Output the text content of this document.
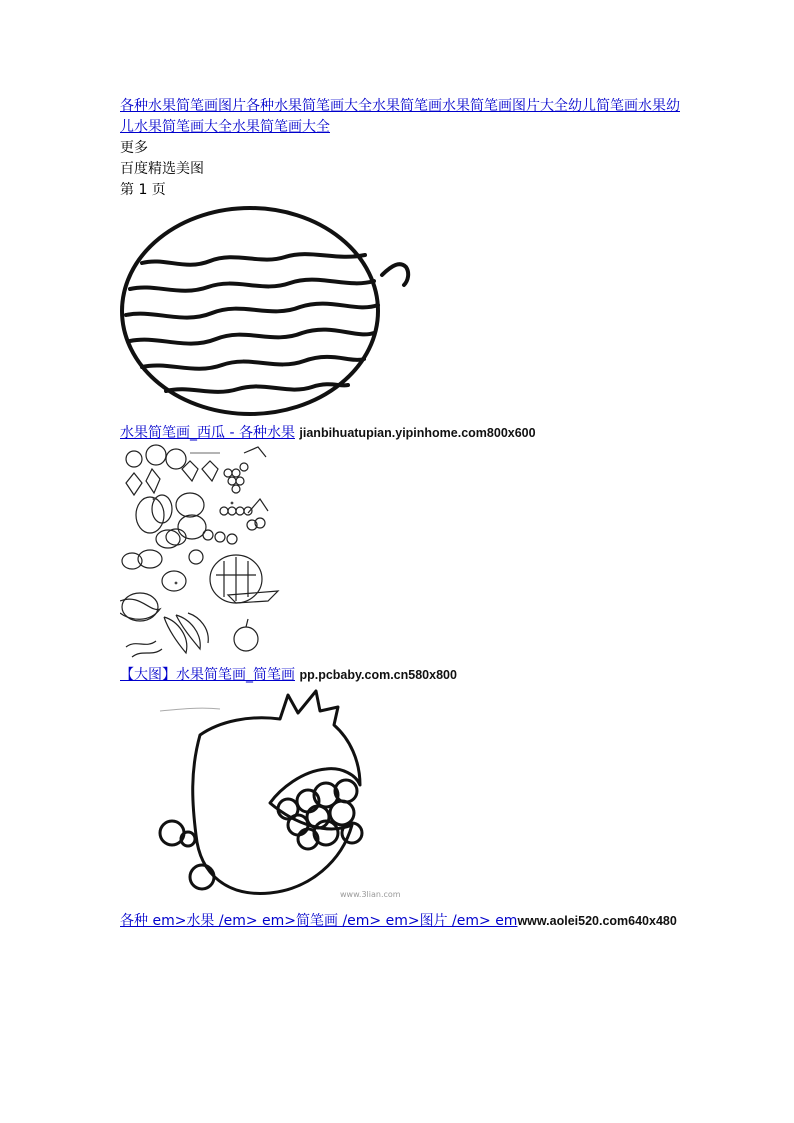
各种水果简笔画图片各种水果简笔画大全水果简笔画水果简笔画图片大全幼儿简笔画水果幼儿水果简笔画大全水果简笔画大全
更多
百度精选美图
第 1 页
水果简笔画_西瓜 - 各种水果 jianbihuatupian.yipinhome.com800x600
【大图】水果简笔画_简笔画 pp.pcbaby.com.cn580x800
www.3lian.com
各种 em>水果 /em> em>简笔画 /em> em>图片 /em> emwww.aolei520.com640x480
